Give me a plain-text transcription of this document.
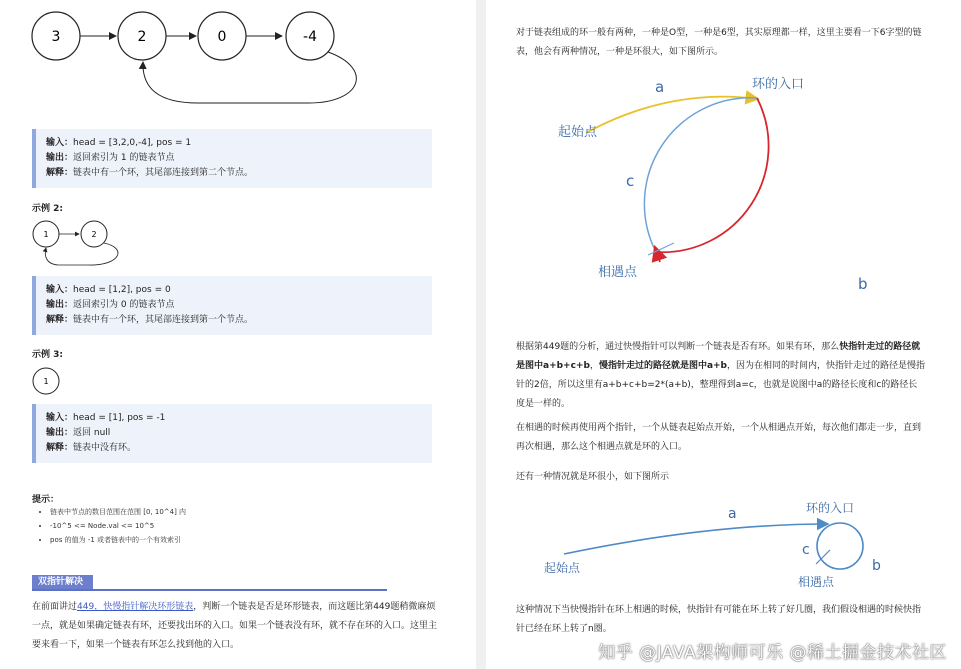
3	2	0	-4
输入：head = [3,2,0,-4], pos = 1
输出：返回索引为 1 的链表节点
解释：链表中有一个环，其尾部连接到第二个节点。
示例 2:
1	2
输入：head = [1,2], pos = 0
输出：返回索引为 0 的链表节点
解释：链表中有一个环，其尾部连接到第一个节点。
示例 3:
1
输入：head = [1], pos = -1
输出：返回 null
解释：链表中没有环。
提示：
• 链表中节点的数目范围在范围 [0, 10^4] 内
• -10^5 <= Node.val <= 10^5
• pos 的值为 -1 或者链表中的一个有效索引
双指针解决

在前面讲过449，快慢指针解决环形链表，判断一个链表是否是环形链表，而这题比第449题稍微麻烦一点，就是如果确定链表有环，还要找出环的入口。如果一个链表没有环，就不存在环的入口。这里主要来看一下，如果一个链表有环怎么找到他的入口。

对于链表组成的环一般有两种，一种是O型，一种是6型，其实原理都一样，这里主要看一下6字型的链表，他会有两种情况，一种是环很大，如下图所示。

a
b
c
环的入口
起始点
相遇点

根据第449题的分析，通过快慢指针可以判断一个链表是否有环。如果有环，那么快指针走过的路径就是图中a+b+c+b，慢指针走过的路径就是图中a+b，因为在相同的时间内，快指针走过的路径是慢指针的2倍，所以这里有a+b+c+b=2*(a+b)，整理得到a=c，也就是说图中a的路径长度和c的路径长度是一样的。

在相遇的时候再使用两个指针，一个从链表起始点开始，一个从相遇点开始，每次他们都走一步，直到再次相遇，那么这个相遇点就是环的入口。

还有一种情况就是环很小，如下图所示

a
b
c
环的入口
起始点
相遇点

这种情况下当快慢指针在环上相遇的时候，快指针有可能在环上转了好几圈，我们假设相遇的时候快指针已经在环上转了n圈。

知乎 @JAVA架构师可乐 @稀土掘金技术社区
